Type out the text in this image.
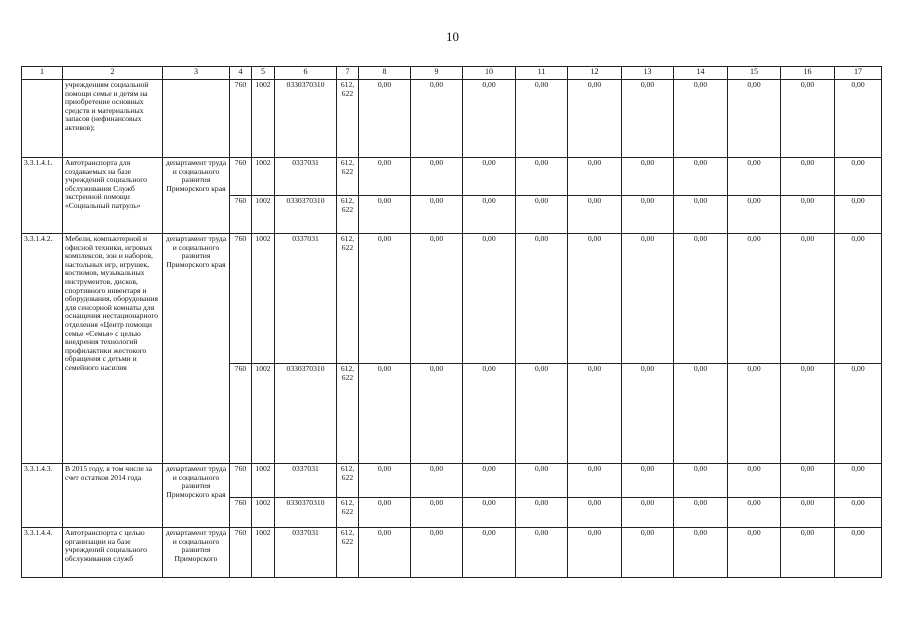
10
1	2	3	4	5	6	7	8	9	10	11	12	13	14	15	16	17
	учреждениям социальной помощи семье и детям на приобретение основных средств и материальных запасов (нефинансовых активов);		760	1002	0330370310	612, 622	0,00	0,00	0,00	0,00	0,00	0,00	0,00	0,00	0,00	0,00
3.3.1.4.1.	Автотранспорта для создаваемых на базе учреждений социального обслуживания Служб экстренной помощи «Социальный патруль»	департамент труда и социального развития Приморского края	760	1002	0337031	612, 622	0,00	0,00	0,00	0,00	0,00	0,00	0,00	0,00	0,00	0,00
			760	1002	0330370310	612, 622	0,00	0,00	0,00	0,00	0,00	0,00	0,00	0,00	0,00	0,00
3.3.1.4.2.	Мебели, компьютерной и офисной техники, игровых комплексов, зон и наборов, настольных игр, игрушек, костюмов, музыкальных инструментов, дисков, спортивного инвентаря и оборудования, оборудования для сенсорной комнаты для оснащения нестационарного отделения «Центр помощи семье «Семья» с целью внедрения технологий профилактики жестокого обращения с детьми и семейного насилия	департамент труда и социального развития Приморского края	760	1002	0337031	612, 622	0,00	0,00	0,00	0,00	0,00	0,00	0,00	0,00	0,00	0,00
			760	1002	0330370310	612, 622	0,00	0,00	0,00	0,00	0,00	0,00	0,00	0,00	0,00	0,00
3.3.1.4.3.	В 2015 году, в том числе за счет остатков 2014 года	департамент труда и социального развития Приморского края	760	1002	0337031	612, 622	0,00	0,00	0,00	0,00	0,00	0,00	0,00	0,00	0,00	0,00
			760	1002	0330370310	612, 622	0,00	0,00	0,00	0,00	0,00	0,00	0,00	0,00	0,00	0,00
3.3.1.4.4.	Автотранспорта с целью организации на базе учреждений социального обслуживания служб	департамент труда и социального развития Приморского	760	1002	0337031	612, 622	0,00	0,00	0,00	0,00	0,00	0,00	0,00	0,00	0,00	0,00
